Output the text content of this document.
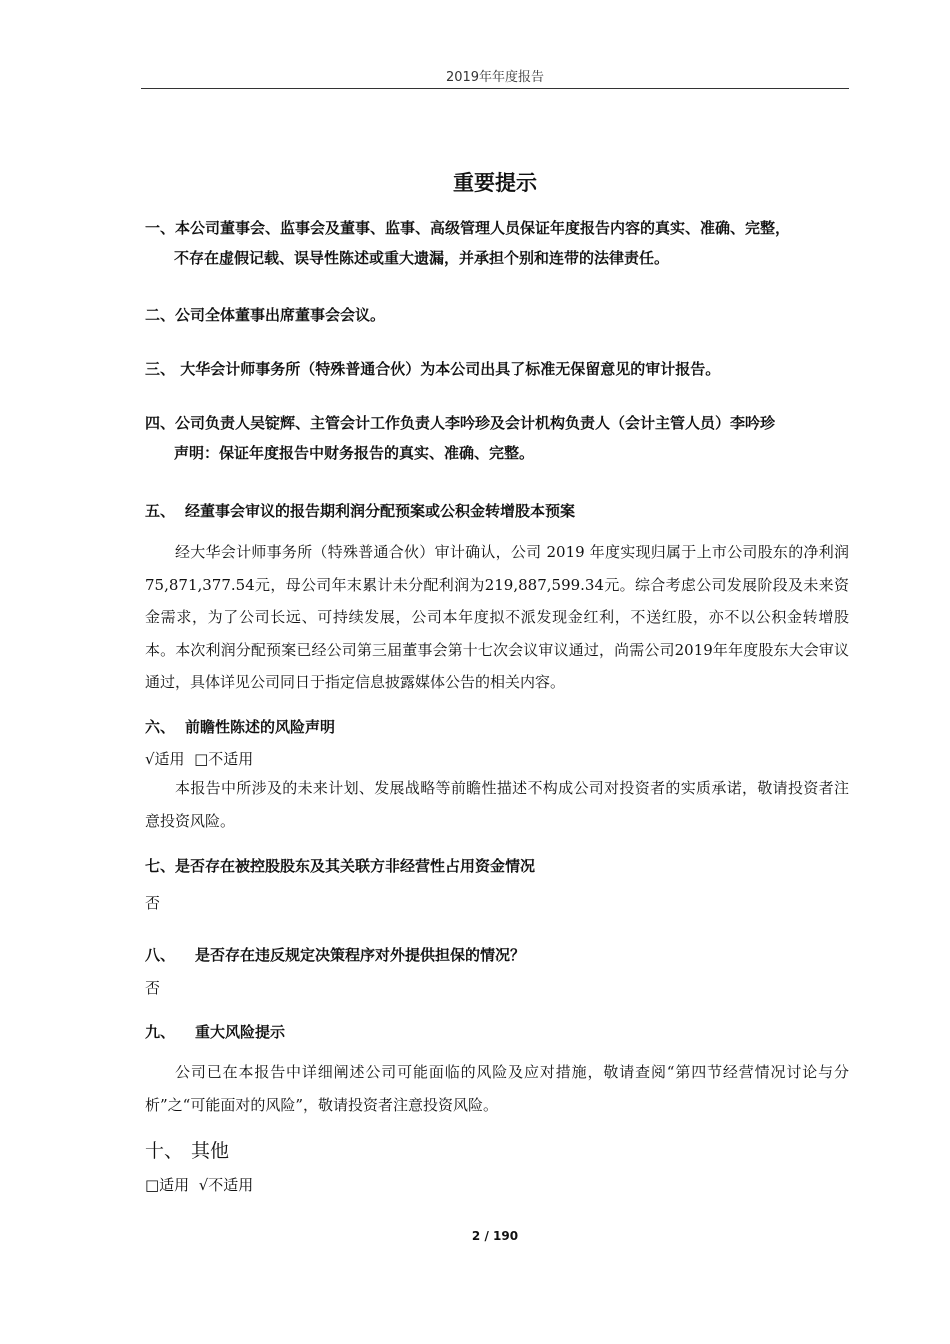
2019年年度报告
重要提示
一、本公司董事会、监事会及董事、监事、高级管理人员保证年度报告内容的真实、准确、完整，
不存在虚假记载、误导性陈述或重大遗漏，并承担个别和连带的法律责任。
二、公司全体董事出席董事会会议。
三、 大华会计师事务所（特殊普通合伙）为本公司出具了标准无保留意见的审计报告。
四、公司负责人吴锭辉、主管会计工作负责人李吟珍及会计机构负责人（会计主管人员）李吟珍
声明：保证年度报告中财务报告的真实、准确、完整。
五、 经董事会审议的报告期利润分配预案或公积金转增股本预案
经大华会计师事务所（特殊普通合伙）审计确认，公司 2019 年度实现归属于上市公司股东的净利润75,871,377.54元，母公司年末累计未分配利润为219,887,599.34元。综合考虑公司发展阶段及未来资金需求，为了公司长远、可持续发展，公司本年度拟不派发现金红利，不送红股，亦不以公积金转增股本。本次利润分配预案已经公司第三届董事会第十七次会议审议通过，尚需公司2019年年度股东大会审议通过，具体详见公司同日于指定信息披露媒体公告的相关内容。
六、 前瞻性陈述的风险声明
√适用  □不适用
本报告中所涉及的未来计划、发展战略等前瞻性描述不构成公司对投资者的实质承诺，敬请投资者注意投资风险。
七、是否存在被控股股东及其关联方非经营性占用资金情况
否
八、 是否存在违反规定决策程序对外提供担保的情况？
否
九、 重大风险提示
公司已在本报告中详细阐述公司可能面临的风险及应对措施，敬请查阅“第四节经营情况讨论与分析”之“可能面对的风险”，敬请投资者注意投资风险。
十、 其他
□适用  √不适用
2 / 190
